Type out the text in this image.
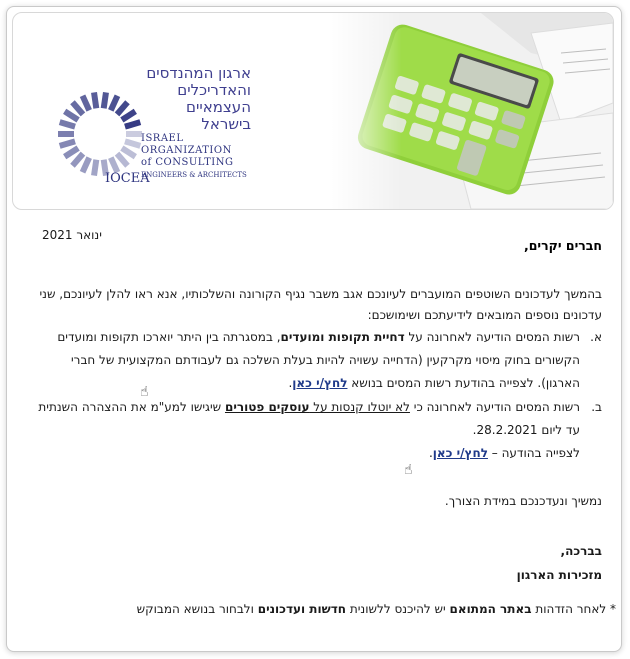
ארגון המהנדסים
והאדריכלים
העצמאיים
בישראל
ISRAEL
ORGANIZATION
of CONSULTING
ENGINEERS & ARCHITECTS
IOCEA
ינואר 2021
חברים יקרים,
בהמשך לעדכונים השוטפים המועברים לעיונכם אגב משבר נגיף הקורונה והשלכותיו, אנא ראו להלן לעיונכם, שני עדכונים נוספים המובאים לידיעתכם ושימושכם:
א.
רשות המסים הודיעה לאחרונה על דחיית תקופות ומועדים, במסגרתה בין היתר יוארכו תקופות ומועדים הקשורים בחוק מיסוי מקרקעין (הדחייה עשויה להיות בעלת השלכה גם לעבודתם המקצועית של חברי הארגון). לצפייה בהודעת רשות המסים בנושא לחץ/י כאן.
☝
ב.
רשות המסים הודיעה לאחרונה כי לא יוטלו קנסות על עוסקים פטורים שיגישו למע"מ את ההצהרה השנתית עד ליום 28.2.2021.
לצפייה בהודעה – לחץ/י כאן.
☝
נמשיך ונעדכנכם במידת הצורך.
בברכה,
מזכירות הארגון
* לאחר הזדהות באתר המתואם יש להיכנס ללשונית חדשות ועדכונים ולבחור בנושא המבוקש
